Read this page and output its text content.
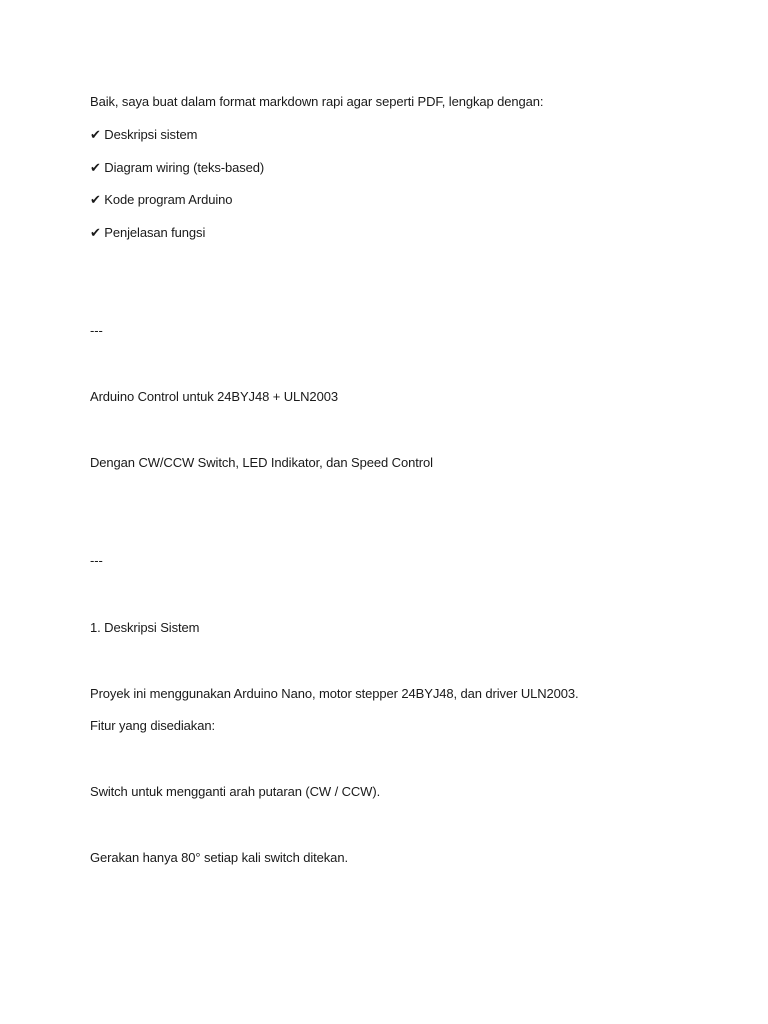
Baik, saya buat dalam format markdown rapi agar seperti PDF, lengkap dengan:
✔ Deskripsi sistem
✔ Diagram wiring (teks-based)
✔ Kode program Arduino
✔ Penjelasan fungsi
---
Arduino Control untuk 24BYJ48 + ULN2003
Dengan CW/CCW Switch, LED Indikator, dan Speed Control
---
1. Deskripsi Sistem
Proyek ini menggunakan Arduino Nano, motor stepper 24BYJ48, dan driver ULN2003.
Fitur yang disediakan:
Switch untuk mengganti arah putaran (CW / CCW).
Gerakan hanya 80° setiap kali switch ditekan.
